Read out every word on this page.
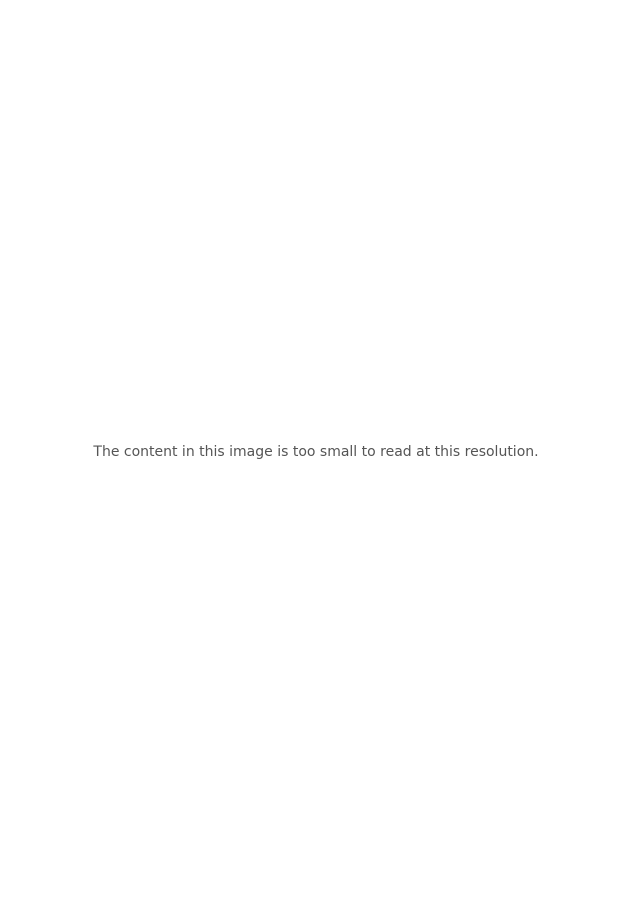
The content in this image is too small to read at this resolution.
